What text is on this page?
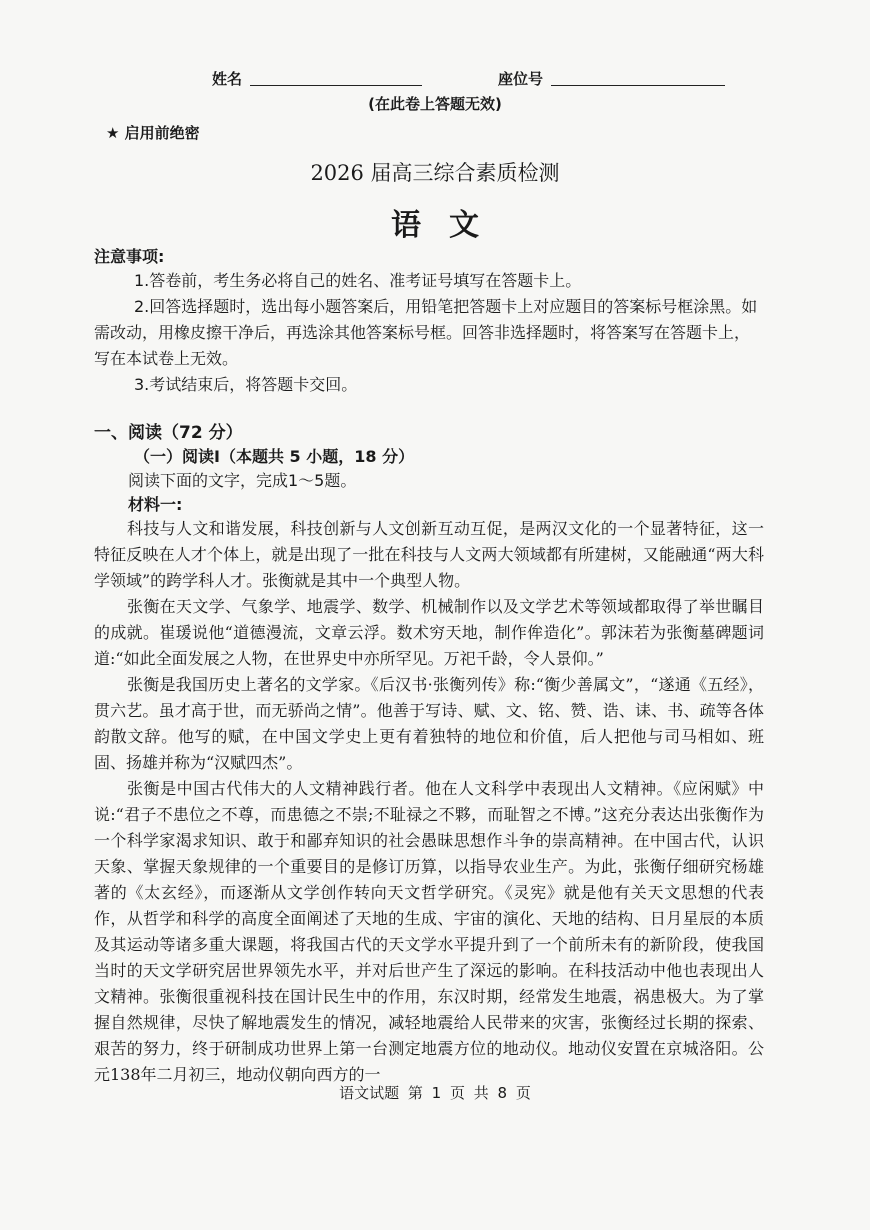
姓名	座位号
(在此卷上答题无效)
★ 启用前绝密
2026 届高三综合素质检测
语文
注意事项:
1.答卷前，考生务必将自己的姓名、准考证号填写在答题卡上。
2.回答选择题时，选出每小题答案后，用铅笔把答题卡上对应题目的答案标号框涂黑。如需改动，用橡皮擦干净后，再选涂其他答案标号框。回答非选择题时，将答案写在答题卡上，写在本试卷上无效。
3.考试结束后，将答题卡交回。
一、阅读（72 分）
（一）阅读Ⅰ（本题共 5 小题，18 分）
阅读下面的文字，完成1～5题。
材料一:
科技与人文和谐发展，科技创新与人文创新互动互促，是两汉文化的一个显著特征，这一特征反映在人才个体上，就是出现了一批在科技与人文两大领域都有所建树，又能融通“两大科学领域”的跨学科人才。张衡就是其中一个典型人物。
张衡在天文学、气象学、地震学、数学、机械制作以及文学艺术等领域都取得了举世瞩目的成就。崔瑗说他“道德漫流，文章云浮。数术穷天地，制作侔造化”。郭沫若为张衡墓碑题词道:“如此全面发展之人物，在世界史中亦所罕见。万祀千龄，令人景仰。”
张衡是我国历史上著名的文学家。《后汉书·张衡列传》称:“衡少善属文”，“遂通《五经》，贯六艺。虽才高于世，而无骄尚之情”。他善于写诗、赋、文、铭、赞、诰、诔、书、疏等各体韵散文辞。他写的赋，在中国文学史上更有着独特的地位和价值，后人把他与司马相如、班固、扬雄并称为“汉赋四杰”。
张衡是中国古代伟大的人文精神践行者。他在人文科学中表现出人文精神。《应闲赋》中说:“君子不患位之不尊，而患德之不崇;不耻禄之不夥，而耻智之不博。”这充分表达出张衡作为一个科学家渴求知识、敢于和鄙弃知识的社会愚昧思想作斗争的崇高精神。在中国古代，认识天象、掌握天象规律的一个重要目的是修订历算，以指导农业生产。为此，张衡仔细研究杨雄著的《太玄经》，而逐渐从文学创作转向天文哲学研究。《灵宪》就是他有关天文思想的代表作，从哲学和科学的高度全面阐述了天地的生成、宇宙的演化、天地的结构、日月星辰的本质及其运动等诸多重大课题，将我国古代的天文学水平提升到了一个前所未有的新阶段，使我国当时的天文学研究居世界领先水平，并对后世产生了深远的影响。在科技活动中他也表现出人文精神。张衡很重视科技在国计民生中的作用，东汉时期，经常发生地震，祸患极大。为了掌握自然规律，尽快了解地震发生的情况，减轻地震给人民带来的灾害，张衡经过长期的探索、艰苦的努力，终于研制成功世界上第一台测定地震方位的地动仪。地动仪安置在京城洛阳。公元138年二月初三，地动仪朝向西方的一
语文试题 第 1 页 共 8 页
